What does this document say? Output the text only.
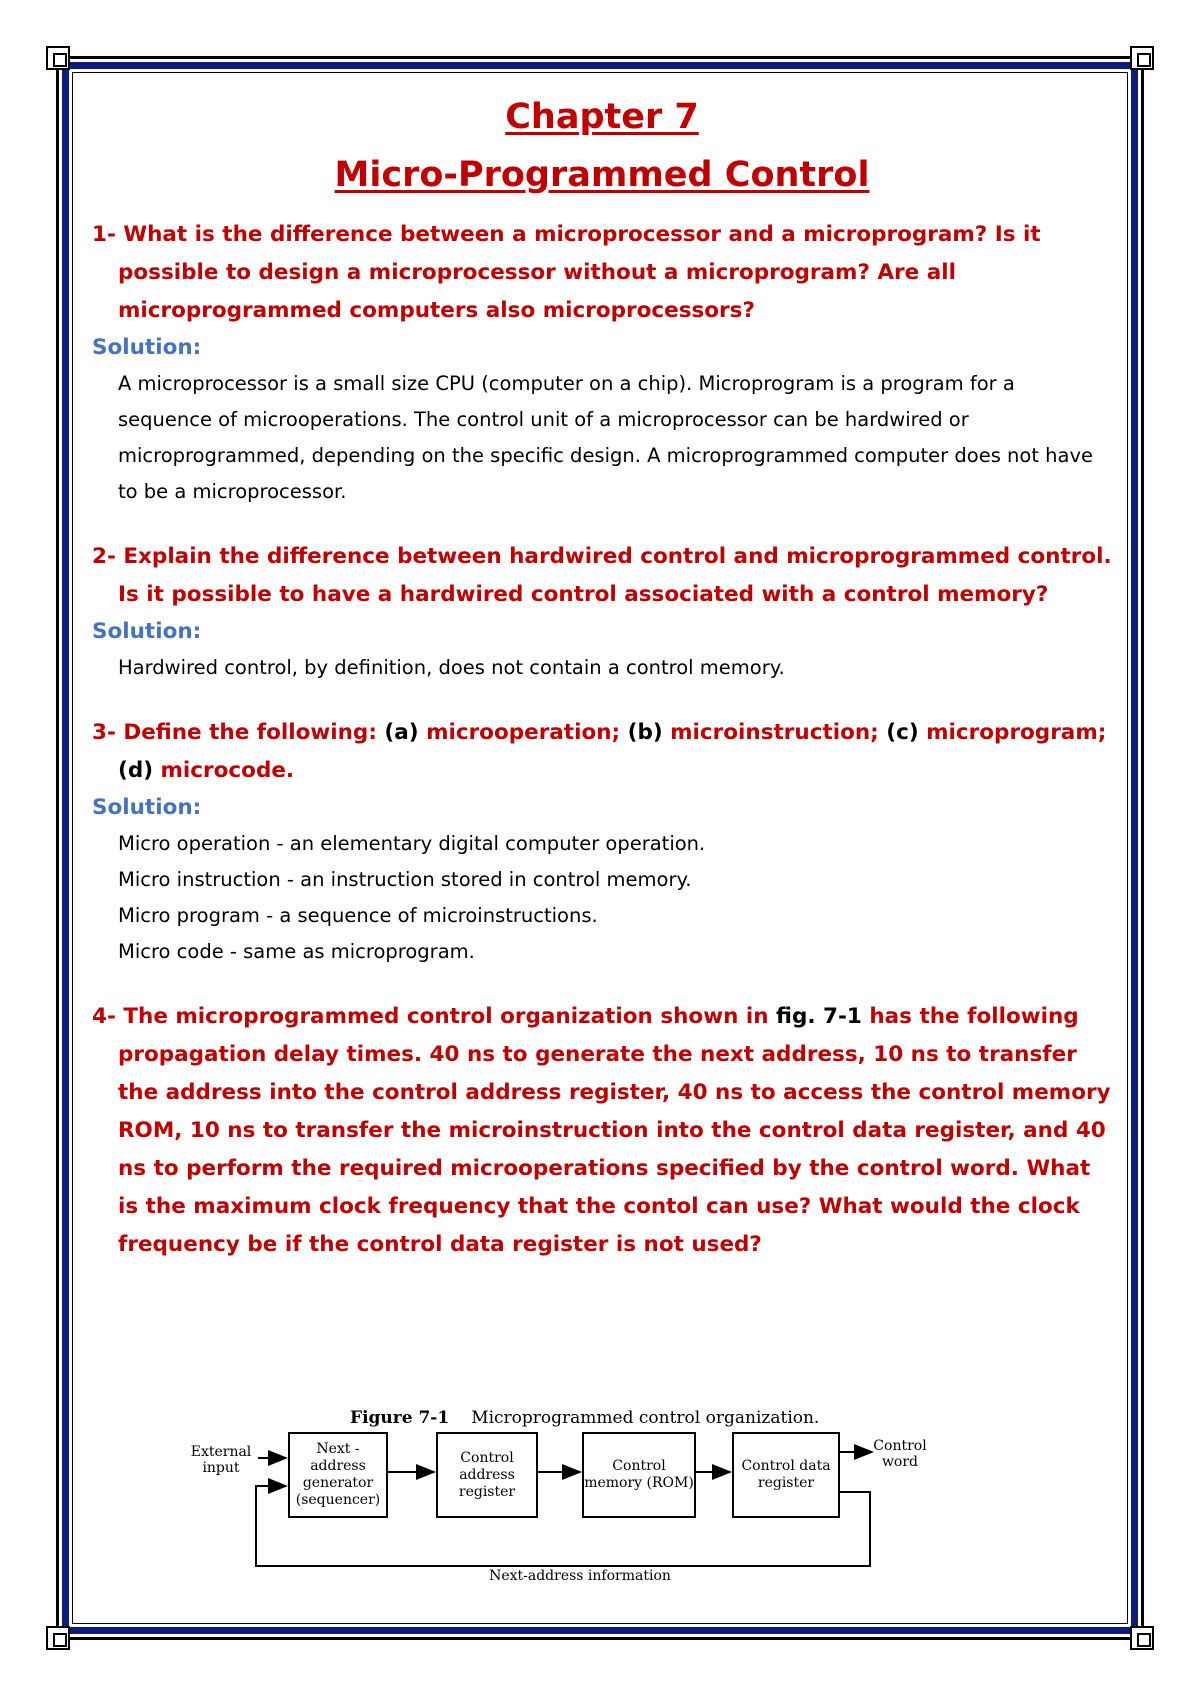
Chapter 7
Micro-Programmed Control

1- What is the difference between a microprocessor and a microprogram? Is it possible to design a microprocessor without a microprogram? Are all microprogrammed computers also microprocessors?

Solution:

A microprocessor is a small size CPU (computer on a chip). Microprogram is a program for a sequence of microoperations. The control unit of a microprocessor can be hardwired or microprogrammed, depending on the specific design. A microprogrammed computer does not have to be a microprocessor.

2- Explain the difference between hardwired control and microprogrammed control. Is it possible to have a hardwired control associated with a control memory?

Solution:

Hardwired control, by definition, does not contain a control memory.

3- Define the following: (a) microoperation; (b) microinstruction; (c) microprogram; (d) microcode.

Solution:

Micro operation - an elementary digital computer operation.

Micro instruction - an instruction stored in control memory.

Micro program - a sequence of microinstructions.

Micro code - same as microprogram.

4- The microprogrammed control organization shown in fig. 7-1 has the following propagation delay times. 40 ns to generate the next address, 10 ns to transfer the address into the control address register, 40 ns to access the control memory ROM, 10 ns to transfer the microinstruction into the control data register, and 40 ns to perform the required microoperations specified by the control word. What is the maximum clock frequency that the contol can use? What would the clock frequency be if the control data register is not used?

Figure 7-1 Microprogrammed control organization.
External input
Next - address generator (sequencer)
Control address register
Control memory (ROM)
Control data register
Control word
Next-address information
